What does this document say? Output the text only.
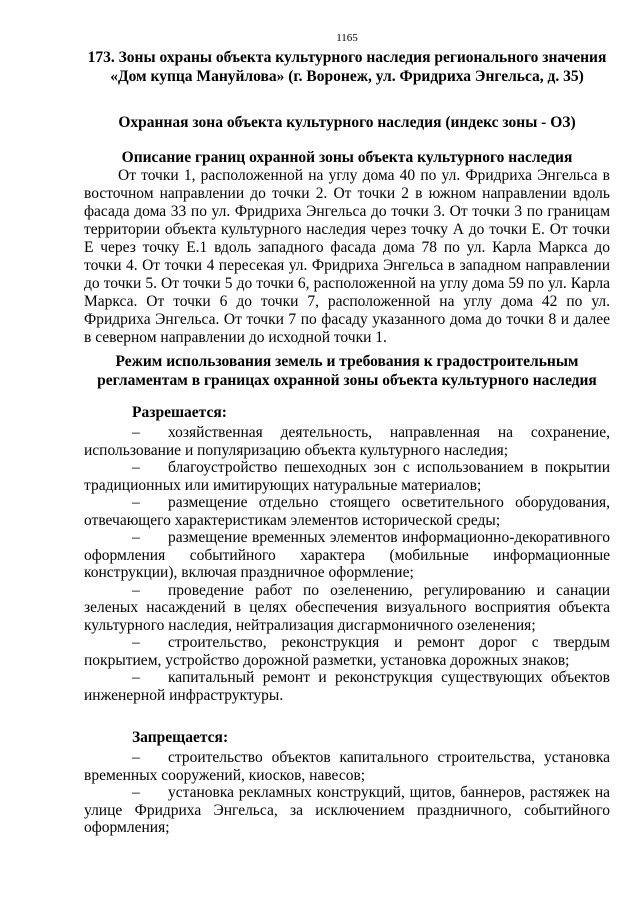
1165
173. Зоны охраны объекта культурного наследия регионального значения «Дом купца Мануйлова» (г. Воронеж, ул. Фридриха Энгельса, д. 35)
Охранная зона объекта культурного наследия (индекс зоны - ОЗ)
Описание границ охранной зоны объекта культурного наследия

От точки 1, расположенной на углу дома 40 по ул. Фридриха Энгельса в восточном направлении до точки 2. От точки 2 в южном направлении вдоль фасада дома 33 по ул. Фридриха Энгельса до точки 3. От точки 3 по границам территории объекта культурного наследия через точку А до точки Е. От точки Е через точку Е.1 вдоль западного фасада дома 78 по ул. Карла Маркса до точки 4. От точки 4 пересекая ул. Фридриха Энгельса в западном направлении до точки 5. От точки 5 до точки 6, расположенной на углу дома 59 по ул. Карла Маркса. От точки 6 до точки 7, расположенной на углу дома 42 по ул. Фридриха Энгельса. От точки 7 по фасаду указанного дома до точки 8 и далее в северном направлении до исходной точки 1.

Режим использования земель и требования к градостроительным регламентам в границах охранной зоны объекта культурного наследия
Разрешается:

– хозяйственная деятельность, направленная на сохранение, использование и популяризацию объекта культурного наследия;

– благоустройство пешеходных зон с использованием в покрытии традиционных или имитирующих натуральные материалов;

– размещение отдельно стоящего осветительного оборудования, отвечающего характеристикам элементов исторической среды;

– размещение временных элементов информационно-декоративного оформления событийного характера (мобильные информационные конструкции), включая праздничное оформление;

– проведение работ по озеленению, регулированию и санации зеленых насаждений в целях обеспечения визуального восприятия объекта культурного наследия, нейтрализация дисгармоничного озеленения;

– строительство, реконструкция и ремонт дорог с твердым покрытием, устройство дорожной разметки, установка дорожных знаков;

– капитальный ремонт и реконструкция существующих объектов инженерной инфраструктуры.

Запрещается:

– строительство объектов капитального строительства, установка временных сооружений, киосков, навесов;

– установка рекламных конструкций, щитов, баннеров, растяжек на улице Фридриха Энгельса, за исключением праздничного, событийного оформления;
